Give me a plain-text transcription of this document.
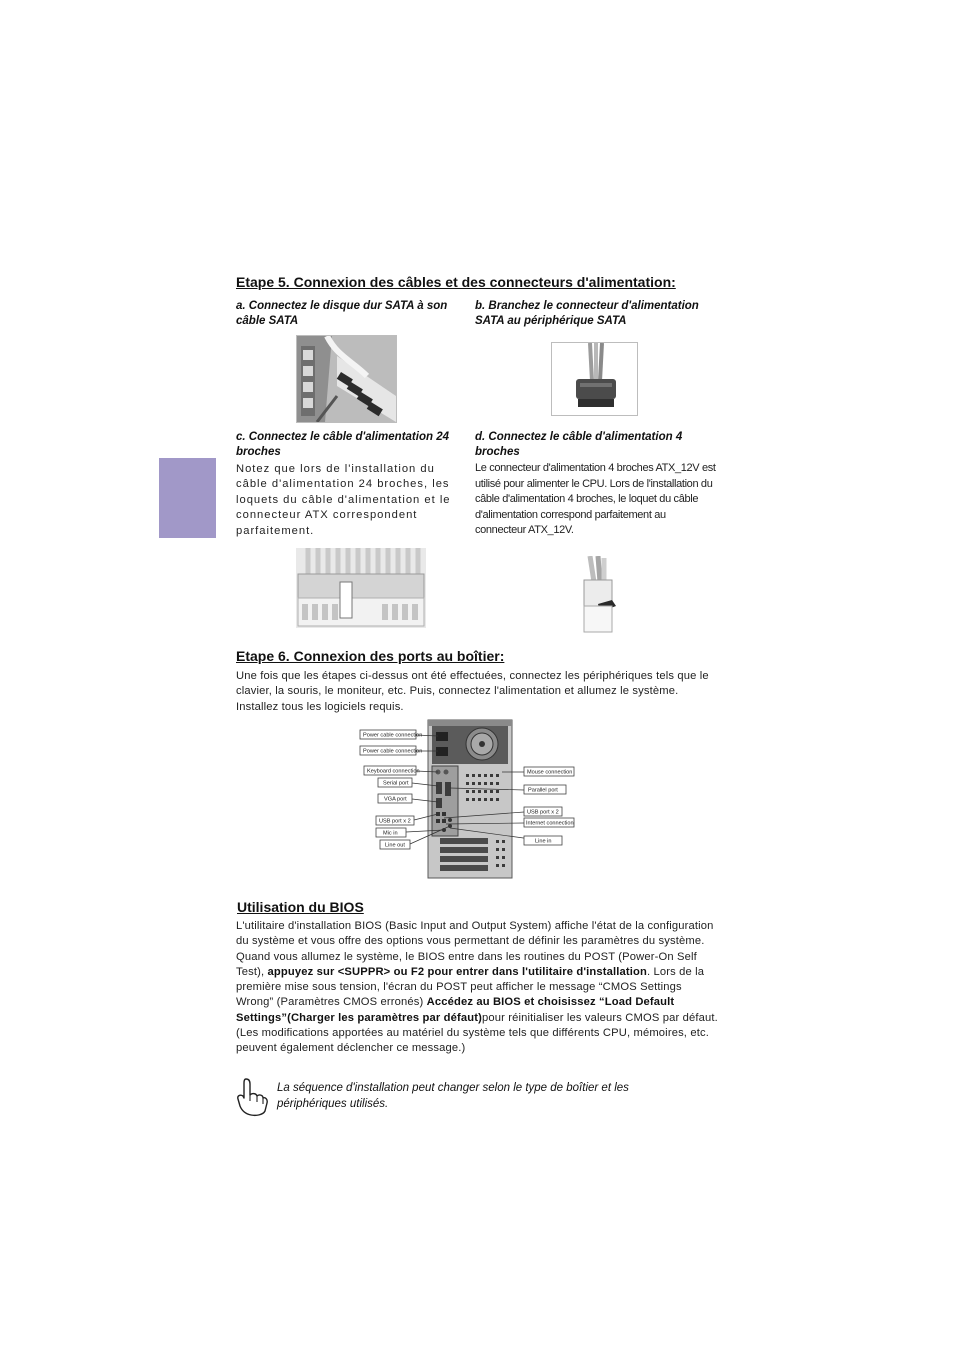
Etape 5. Connexion des câbles et des connecteurs d'alimentation:
a. Connectez le disque dur SATA à son câble SATA
b. Branchez le connecteur d'alimentation
SATA au périphérique SATA
c. Connectez le câble d'alimentation 24
broches
Notez que lors de l'installation du câble d'alimentation 24 broches, les loquets du câble d'alimentation et le connecteur ATX correspondent parfaitement.
d. Connectez le câble d'alimentation 4
broches
Le connecteur d'alimentation 4 broches ATX_12V est utilisé pour alimenter le CPU. Lors de l'installation du câble d'alimentation 4 broches, le loquet du câble d'alimentation correspond parfaitement au connecteur ATX_12V.
Etape 6. Connexion des ports au boîtier:
Une fois que les étapes ci-dessus ont été effectuées, connectez les périphériques tels que le clavier, la souris, le moniteur, etc. Puis, connectez l'alimentation et allumez le système. Installez tous les logiciels requis.
Power cable connection
Power cable connection
Keyboard connection
Serial port
VGA port
USB port x 2
Mic in
Line out
Mouse connection
Parallel port
USB port x 2
Internet connection
Line in
Utilisation du BIOS
L'utilitaire d'installation BIOS (Basic Input and Output System) affiche l'état de la configuration du système et vous offre des options vous permettant de définir les paramètres du système. Quand vous allumez le système, le BIOS entre dans les routines du POST (Power-On Self Test), appuyez sur <SUPPR> ou F2 pour entrer dans l'utilitaire d'installation. Lors de la première mise sous tension, l'écran du POST peut afficher le message “CMOS Settings Wrong” (Paramètres CMOS erronés) Accédez au BIOS et choisissez “Load Default Settings”(Charger les paramètres par défaut)pour réinitialiser les valeurs CMOS par défaut. (Les modifications apportées au matériel du système tels que différents CPU, mémoires, etc. peuvent également déclencher ce message.)
La séquence d'installation peut changer selon le type de boîtier et les périphériques utilisés.
